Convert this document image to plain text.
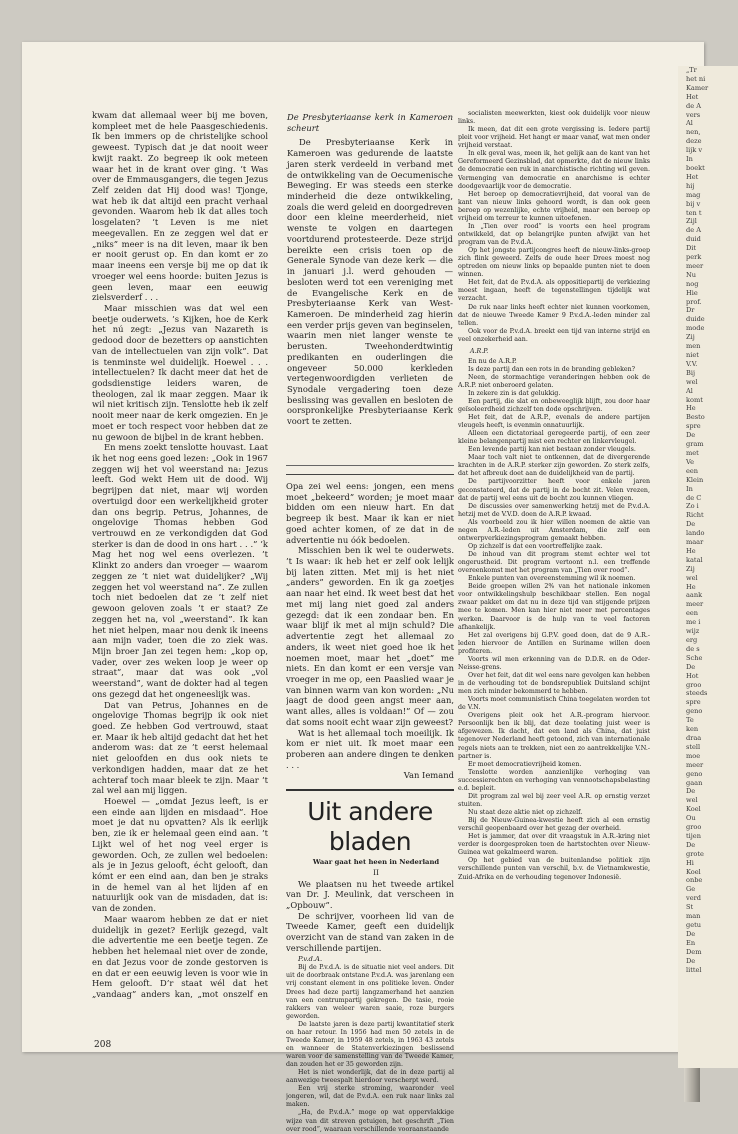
„Tr
het ni
Kamer
Het
de A
vers
Al
nen,
deze
lijk v
In
boekt
Het
hij
mag
bij v
ten t
Zijl
de A
duid
Dit
perk
meer
Nu
nog
Hie
prof.
Dr
duide
mode
Zij
men
niet
V.V.
Bij
wel
Al
komt
He
Besto
spre
De
gram
met
Ve
een
Klein
In
de C
Zo i
Richt
De
lando
maar
He
katal
Zij
wel
He
aank
meer
een
me i
wijz
erg
de s
Sche
De
Hot
groo
steeds
spre
geno
Te
ken
draa
stell
moe
meer
geno
gaan
De
wel
Koel
Ou
groo
tijen
De
grote
Hi
Koel
onbe
Ge
verd
St
man
getu
De
En
Dem
De
littel

kwam dat allemaal weer bij me boven, kompleet met de hele Paasgeschiedenis. Ik ben immers op de christelijke school geweest. Typisch dat je dat nooit weer kwijt raakt. Zo begreep ik ook meteen waar het in de krant over ging. ’t Was over de Emmausgangers, die tegen Jezus Zelf zeiden dat Hij dood was! Tjonge, wat heb ik dat altijd een pracht verhaal gevonden. Waarom heb ik dat alles toch losgelaten? ’t Leven is me niet meegevallen. En ze zeggen wel dat er „niks” meer is na dit leven, maar ik ben er nooit gerust op. En dan komt er zo maar ineens een versje bij me op dat ik vroeger wel eens hoorde: buiten Jezus is geen leven, maar een eeuwig zielsverderf . . .

Maar misschien was dat wel een beetje ouderwets. ’s Kijken, hoe de Kerk het nú zegt: „Jezus van Nazareth is gedood door de bezetters op aanstichten van de intellectuelen van zijn volk”. Dat is tenminste wel duidelijk. Hoewel . . . intellectuelen? Ik dacht meer dat het de godsdienstige leiders waren, de theologen, zal ik maar zeggen. Maar ik wil niet kritisch zijn. Tenslotte heb ik zelf nooit meer naar de kerk omgezien. En je moet er toch respect voor hebben dat ze nu gewoon de bijbel in de krant hebben.

En mens zoekt tenslotte houvast. Laat ik het nog eens goed lezen: „Ook in 1967 zeggen wij het vol weerstand na: Jezus leeft. God wekt Hem uit de dood. Wij begrijpen dat niet, maar wij worden overtuigd door een werkelijkheid groter dan ons begrip. Petrus, Johannes, de ongelovige Thomas hebben God vertrouwd en ze verkondigden dat God sterker is dan de dood in ons hart . . .” ’k Mag het nog wel eens overlezen. ’t Klinkt zo anders dan vroeger — waarom zeggen ze ’t niet wat duidelijker? „Wij zeggen het vol weerstand na”. Ze zullen toch niet bedoelen dat ze ’t zelf niet gewoon geloven zoals ’t er staat? Ze zeggen het na, vol „weerstand”. Ik kan het niet helpen, maar nou denk ik ineens aan mijn vader, toen die zo ziek was. Mijn broer Jan zei tegen hem: „kop op, vader, over zes weken loop je weer op straat”, maar dat was ook „vol weerstand”, want de dokter had al tegen ons gezegd dat het ongeneeslijk was.

Dat van Petrus, Johannes en de ongelovige Thomas begrijp ik ook niet goed. Ze hebben God vertrouwd, staat er. Maar ik heb altijd gedacht dat het het anderom was: dat ze ’t eerst helemaal niet geloofden en dus ook niets te verkondigen hadden, maar dat ze het achteraf toch maar bleek te zijn. Maar ’t zal wel aan mij liggen.

Hoewel — „omdat Jezus leeft, is er een einde aan lijden en misdaad”. Hoe moet je dat nu opvatten? Als ik eerlijk ben, zie ik er helemaal geen eind aan. ’t Lijkt wel of het nog veel erger is geworden. Och, ze zullen wel bedoelen: als je in Jezus gelooft, écht gelooft, dan kómt er een eind aan, dan ben je straks in de hemel van al het lijden af en natuurlijk ook van de misdaden, dat is: van de zonden.

Maar waarom hebben ze dat er niet duidelijk in gezet? Eerlijk gezegd, valt die advertentie me een beetje tegen. Ze hebben het helemaal niet over de zonde, en dat Jezus voor de zonde gestorven is en dat er een eeuwig leven is voor wie in Hem gelooft. D’r staat wél dat het „vandaag” anders kan, „mot onszelf en

De Presbyteriaanse kerk in Kameroen scheurt

De Presbyteriaanse Kerk in Kameroen was gedurende de laatste jaren sterk verdeeld in verband met de ontwikkeling van de Oecumenische Beweging. Er was steeds een sterke minderheid die deze ontwikkeling, zoals die werd geleid en doorgedreven door een kleine meerderheid, niet wenste te volgen en daartegen voortdurend protesteerde. Deze strijd bereikte een crisis toen op de Generale Synode van deze kerk — die in januari j.l. werd gehouden — besloten werd tot een vereniging met de Evangelische Kerk en de Presbyteriaanse Kerk van West-Kameroen. De minderheid zag hierin een verder prijs geven van beginselen, waarin men niet langer wenste te berusten. Tweehonderdtwintig predikanten en ouderlingen die ongeveer 50.000 kerkleden vertegenwoordigden verlieten de Synodale vergadering toen deze beslissing was gevallen en besloten de oorspronkelijke Presbyteriaanse Kerk voort te zetten.

Opa zei wel eens: jongen, een mens moet „bekeerd” worden; je moet maar bidden om een nieuw hart. En dat begreep ik best. Maar ik kan er niet goed achter komen, of ze dat in de advertentie nu óók bedoelen.

Misschien ben ik wel te ouderwets. ’t Is waar: ik heb het er zelf ook lelijk bij laten zitten. Met mij is het niet „anders” geworden. En ik ga zoetjes aan naar het eind. Ik weet best dat het met mij lang niet goed zal anders gezegd: dat ik een zondaar ben. En waar blijf ik met al mijn schuld? Die advertentie zegt het allemaal zo anders, ik weet niet goed hoe ik het noemen moet, maar het „doet” me niets. En dan komt er een versje van vroeger in me op, een Paaslied waar je van binnen warm van kon worden: „Nu jaagt de dood geen angst meer aan, want alles, alles is voldaan!” Of — zou dat soms nooit echt waar zijn geweest?

Wat is het allemaal toch moeilijk. Ik kom er niet uit. Ik moet maar een proberen aan andere dingen te denken . . .

Van Iemand

Uit andere bladen

Waar gaat het heen in Nederland

II

We plaatsen nu het tweede artikel van Dr. J. Meulink, dat verscheen in „Opbouw”.

De schrijver, voorheen lid van de Tweede Kamer, geeft een duidelijk overzicht van de stand van zaken in de verschillende partijen.

P.v.d.A.

Bij de P.v.d.A. is de situatie niet veel anders. Dit uit de doorbraak ontstane P.v.d.A. was jarenlang een vrij constant element in ons politieke leven. Onder Drees had deze partij langzamerhand het aanzien van een centrumpartij gekregen. De tasie, rooie rakkers van weleer waren saaie, roze burgers geworden.

De laatste jaren is deze partij kwantitatief sterk on haar retour. In 1956 had men 50 zetels in de Tweede Kamer, in 1959 48 zetels, in 1963 43 zetels en wanneer de Statenverkiezingen beslissend waren voor de samenstelling van de Tweede Kamer, dan zouden het er 35 geworden zijn.

Het is niet wonderlijk, dat de in deze partij al aanwezige tweespalt hierdoor verscherpt werd.

Een vrij sterke stroming, waaronder veel jongeren, wil, dat de P.v.d.A. een ruk naar links zal maken.

„Ha, de P.v.d.A.” moge op wat oppervlakkige wijze van dit streven getuigen, het geschrift „Tien over rood”, waaraan verschillende vooraanstaande

socialisten meewerkten, kiest ook duidelijk voor nieuw links.

Ik meen, dat dit een grote vergissing is. Iedere partij pleit voor vrijheid. Het hangt er maar vanaf, wat men onder vrijheid verstaat.

In elk geval was, meen ik, het gelijk aan de kant van het Gereformeerd Gezinsblad, dat opmerkte, dat de nieuw links de democratie een ruk in anarchistische richting wil geven. Vermenging van democratie en anarchisme is echter doodgevaarlijk voor de democratie.

Het beroep op democratievrijheid, dat vooral van de kant van nieuw links gehoord wordt, is dan ook geen beroep op wezenlijke, echte vrijheid, maar een beroep op vrijheid om terreur te kunnen uitoefenen.

In „Tien over rood” is voorts een heel program ontwikkeld, dat op belangrijke punten afwijkt van het program van de P.v.d.A.

Op het jongste partijcongres heeft de nieuw-links-groep zich flink geweerd. Zelfs de oude heer Drees moest nog optreden om nieuw links op bepaalde punten niet te doen winnen.

Het feit, dat de P.v.d.A. als oppositiepartij de verkiezing moest ingaan, heeft de tegenstellingen tijdelijk wat verzacht.

De ruk naar links heeft echter niet kunnen voorkomen, dat de nieuwe Tweede Kamer 9 P.v.d.A.-leden minder zal tellen.

Ook voor de P.v.d.A. breekt een tijd van interne strijd en veel onzekerheid aan.

A.R.P.

En nu de A.R.P.

Is deze partij dan een rots in de branding gebleken?

Neen, de stormachtige veranderingen hebben ook de A.R.P. niet onberoerd gelaten.

In zekere zin is dat gelukkig.

Een partij, die slat en onbeweeglijk blijft, zou door haar geïsoleerdheid zichzelf ten dode opschrijven.

Het feit, dat de A.R.P., evenals de andere partijen vleugels heeft, is evenmin onnatuurlijk.

Alleen een dictatoriaal geregeerde partij, of een zeer kleine belangenpartij mist een rechter en linkervleugel.

Een levende partij kan niet bestaan zonder vleugels.

Maar toch valt niet te ontkennen, dat de divergerende krachten in de A.R.P. sterker zijn geworden. Zo sterk zelfs, dat het afbreuk doet aan de duidelijkheid van de partij.

De partijvoorzitter heeft voor enkele jaren geconstateerd, dat de partij in de bocht zit. Velen vrezen, dat de partij wel eens uit de bocht zou kunnen vliegen.

De discussies over samenwerking hetzij met de P.v.d.A. hetzij met de V.V.D. doen de A.R.P. kwaad.

Als voorbeeld zou ik hier willen noemen de aktie van negen A.R.-leden uit Amsterdam, die zelf een ontwerpverkiezingsprogram gemaakt hebben.

Op zichzelf is dat een voortreffelijke zaak.

De inhoud van dit program stemt echter wel tot ongerustheid. Dit program vertoont n.l. een treffende overeenkomst met het program van „Tien over rood”.

Enkele punten van overeenstemming wil ik noemen.

Beide groepen willen 2% van het nationale inkomen voor ontwikkelingshulp beschikbaar stellen. Een nogal zwaar pakket om dat nu in deze tijd van stijgende prijzen mee te komen. Men kan hier niet meer met percentages werken. Daarvoor is de hulp van te veel factoren afhankelijk.

Het zal overigens bij G.P.V. goed doen, dat de 9 A.R.-leden hiervoor de Antillen en Suriname willen doen profiteren.

Voorts wil men erkenning van de D.D.R. en de Oder-Neisse-grens.

Over het feit, dat dit wel eens nare gevolgen kan hebben in de verhouding tot de bondsrepubliek Duitsland schijnt men zich minder bekommerd te hebben.

Voorts moet communistisch China toegelaten worden tot de V.N.

Overigens pleit ook het A.R.-program hiervoor. Persoonlijk ben ik blij, dat deze toelating juist weer is afgewezen. Ik dacht, dat een land als China, dat juist tegenover Nederland heeft getoond, zich van internationale regels niets aan te trekken, niet een zo aantrekkelijke V.N.-partner is.

Er moet democratievrijheid komen.

Tenslotte worden aanzienlijke verhoging van successierechten en verhoging van vennootschapsbelasting e.d. bepleit.

Dit program zal wel bij zeer veel A.R. op ernstig verzet stuiten.

Nu staat deze aktie niet op zichzelf.

Bij de Nieuw-Guinea-kwestie heeft zich al een ernstig verschil geopenbaard over het gezag der overheid.

Het is jammer, dat over dit vraagstuk in A.R.-kring niet verder is doorgesproken toen de hartstochten over Nieuw-Guinea wat gekalmeerd waren.

Op het gebied van de buitenlandse politiek zijn verschillende punten van verschil, b.v. de Vietnamkwestie, Zuid-Afrika en de verhouding tegenover Indonesië.

208
